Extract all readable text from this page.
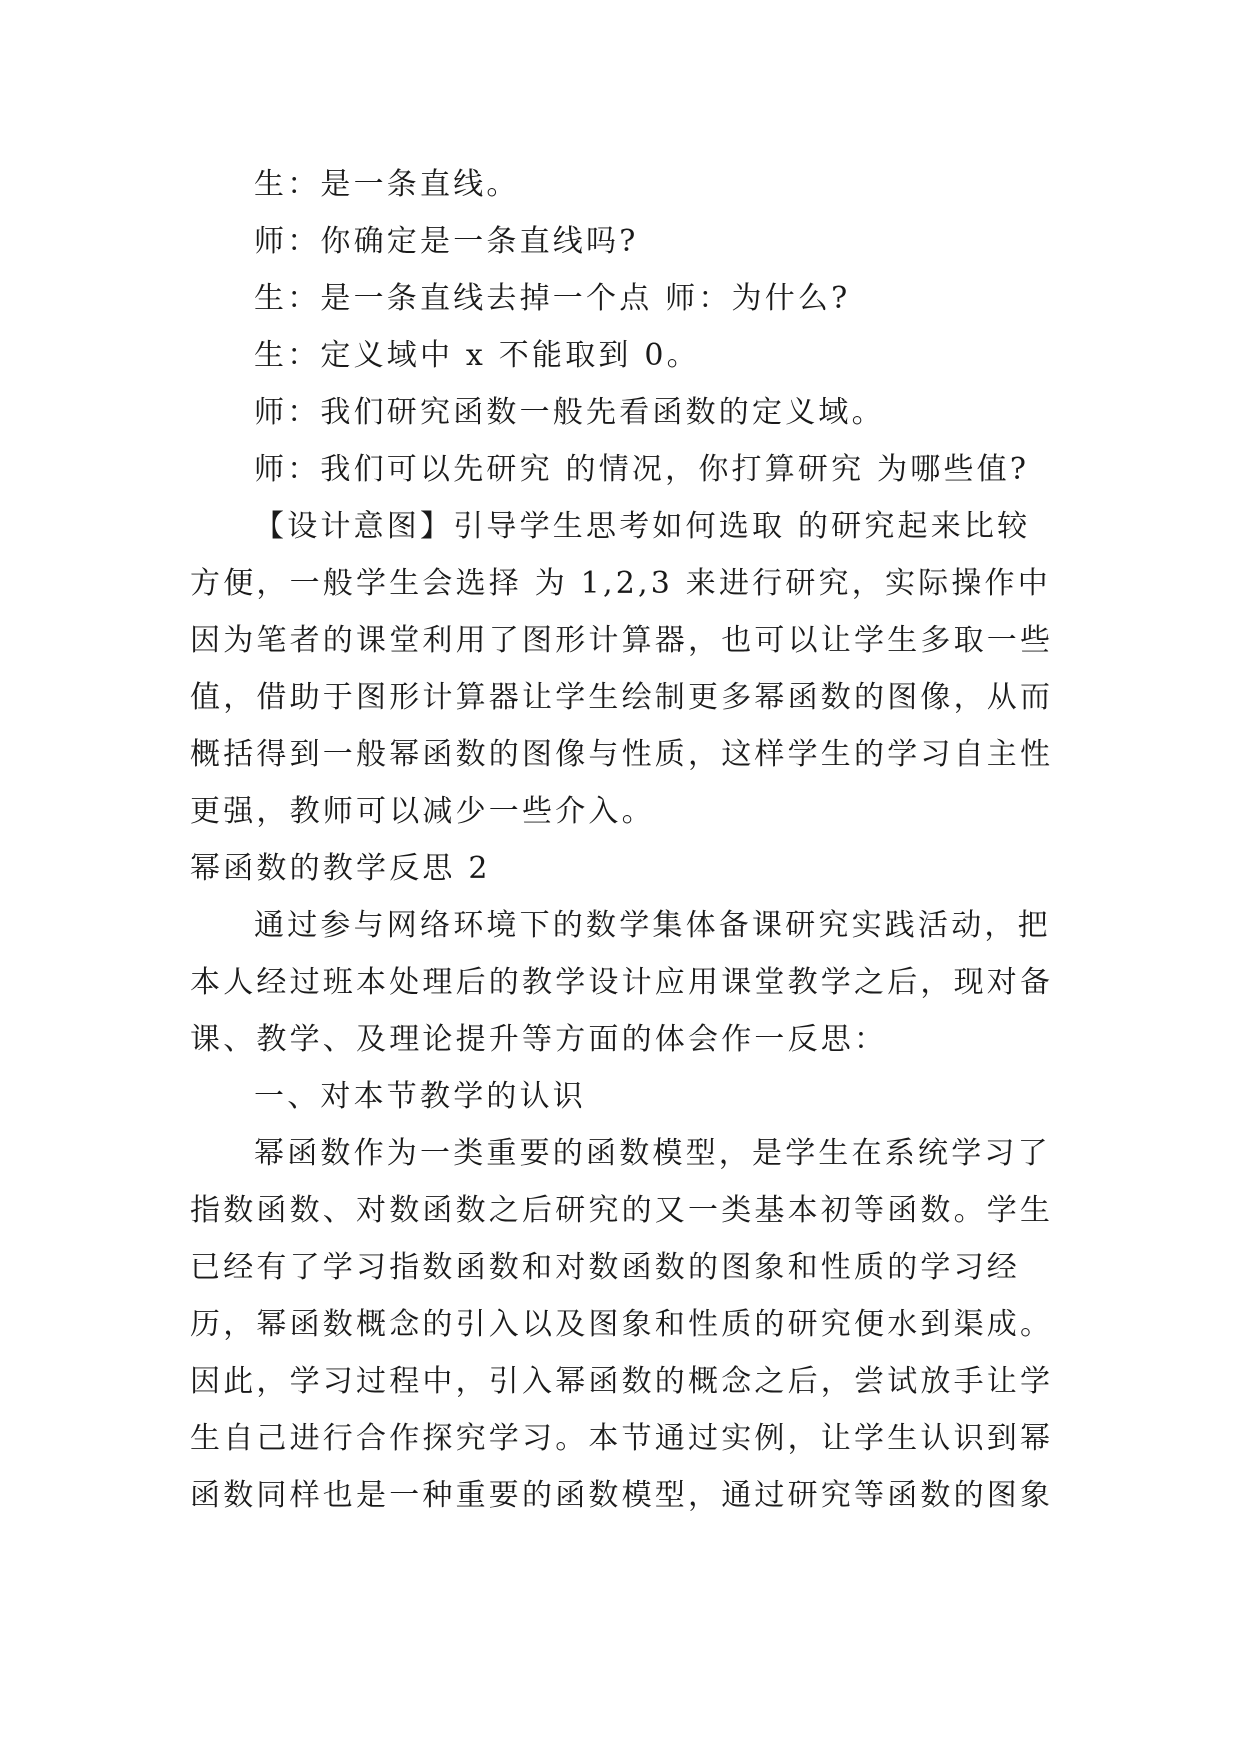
生：是一条直线。
师：你确定是一条直线吗?
生：是一条直线去掉一个点 师：为什么?
生：定义域中 x 不能取到 0。
师：我们研究函数一般先看函数的定义域。
师：我们可以先研究 的情况，你打算研究 为哪些值?
【设计意图】引导学生思考如何选取 的研究起来比较
方便，一般学生会选择 为 1,2,3 来进行研究，实际操作中
因为笔者的课堂利用了图形计算器，也可以让学生多取一些
值，借助于图形计算器让学生绘制更多幂函数的图像，从而
概括得到一般幂函数的图像与性质，这样学生的学习自主性
更强，教师可以减少一些介入。
幂函数的教学反思 2
通过参与网络环境下的数学集体备课研究实践活动，把
本人经过班本处理后的教学设计应用课堂教学之后，现对备
课、教学、及理论提升等方面的体会作一反思：
一、对本节教学的认识
幂函数作为一类重要的函数模型，是学生在系统学习了
指数函数、对数函数之后研究的又一类基本初等函数。学生
已经有了学习指数函数和对数函数的图象和性质的学习经
历，幂函数概念的引入以及图象和性质的研究便水到渠成。
因此，学习过程中，引入幂函数的概念之后，尝试放手让学
生自己进行合作探究学习。本节通过实例，让学生认识到幂
函数同样也是一种重要的函数模型，通过研究等函数的图象
